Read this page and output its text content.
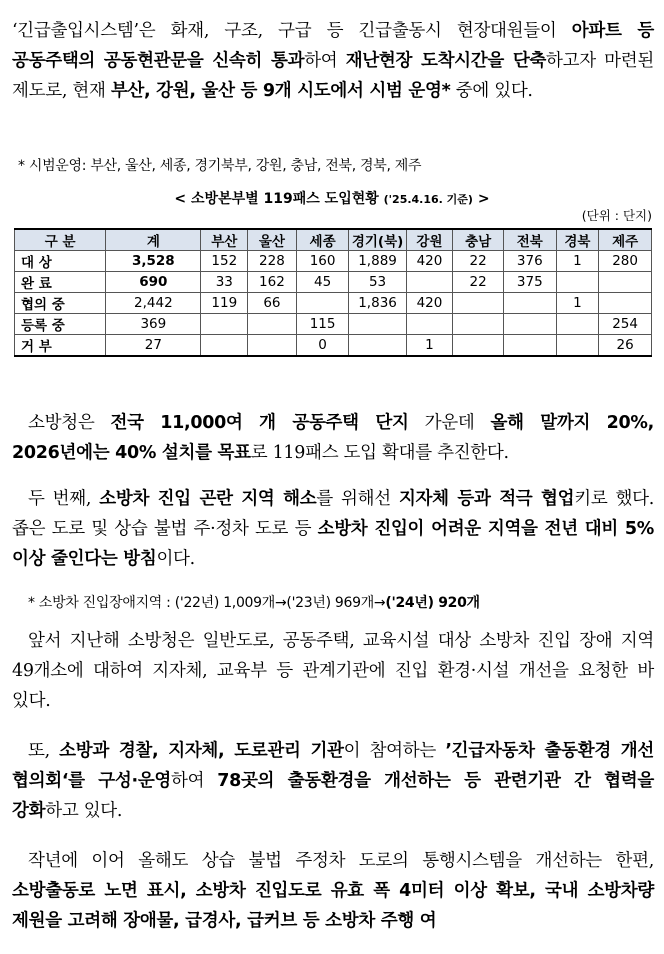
‘긴급출입시스템’은 화재, 구조, 구급 등 긴급출동시 현장대원들이 아파트 등 공동주택의 공동현관문을 신속히 통과하여 재난현장 도착시간을 단축하고자 마련된 제도로, 현재 부산, 강원, 울산 등 9개 시도에서 시범 운영* 중에 있다.
* 시범운영: 부산, 울산, 세종, 경기북부, 강원, 충남, 전북, 경북, 제주
< 소방본부별 119패스 도입현황 ('25.4.16. 기준) >
(단위 : 단지)
구 분	계	부산	울산	세종	경기(북)	강원	충남	전북	경북	제주
대 상	3,528	152	228	160	1,889	420	22	376	1	280
완 료	690	33	162	45	53		22	375		
협의 중	2,442	119	66		1,836	420			1	
등록 중	369			115						254
거 부	27			0		1				26
소방청은 전국 11,000여 개 공동주택 단지 가운데 올해 말까지 20%, 2026년에는 40% 설치를 목표로 119패스 도입 확대를 추진한다.
두 번째, 소방차 진입 곤란 지역 해소를 위해선 지자체 등과 적극 협업키로 했다. 좁은 도로 및 상습 불법 주·정차 도로 등 소방차 진입이 어려운 지역을 전년 대비 5% 이상 줄인다는 방침이다.
* 소방차 진입장애지역 : ('22년) 1,009개→('23년) 969개→('24년) 920개
앞서 지난해 소방청은 일반도로, 공동주택, 교육시설 대상 소방차 진입 장애 지역 49개소에 대하여 지자체, 교육부 등 관계기관에 진입 환경·시설 개선을 요청한 바 있다.
또, 소방과 경찰, 지자체, 도로관리 기관이 참여하는 ’긴급자동차 출동환경 개선 협의회‘를 구성·운영하여 78곳의 출동환경을 개선하는 등 관련기관 간 협력을 강화하고 있다.
작년에 이어 올해도 상습 불법 주정차 도로의 통행시스템을 개선하는 한편, 소방출동로 노면 표시, 소방차 진입도로 유효 폭 4미터 이상 확보, 국내 소방차량 제원을 고려해 장애물, 급경사, 급커브 등 소방차 주행 여
